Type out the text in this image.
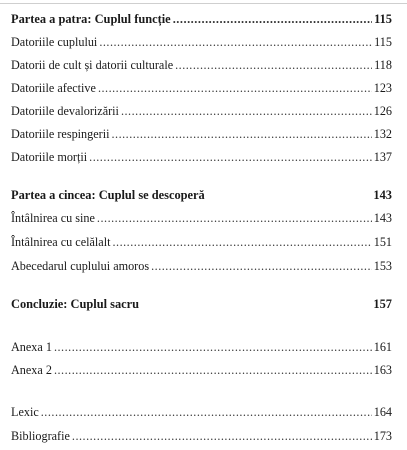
Partea a patra: Cuplul funcție .....	115
Datoriile cuplului .....	115
Datorii de cult și datorii culturale .....	118
Datoriile afective .....	123
Datoriile devalorizării .....	126
Datoriile respingerii .....	132
Datoriile morții .....	137
Partea a cincea: Cuplul se descoperă	143
Întâlnirea cu sine .....	143
Întâlnirea cu celălalt .....	151
Abecedarul cuplului amoros .....	153
Concluzie: Cuplul sacru	157
Anexa 1 .....	161
Anexa 2 .....	163
Lexic .....	164
Bibliografie .....	173
